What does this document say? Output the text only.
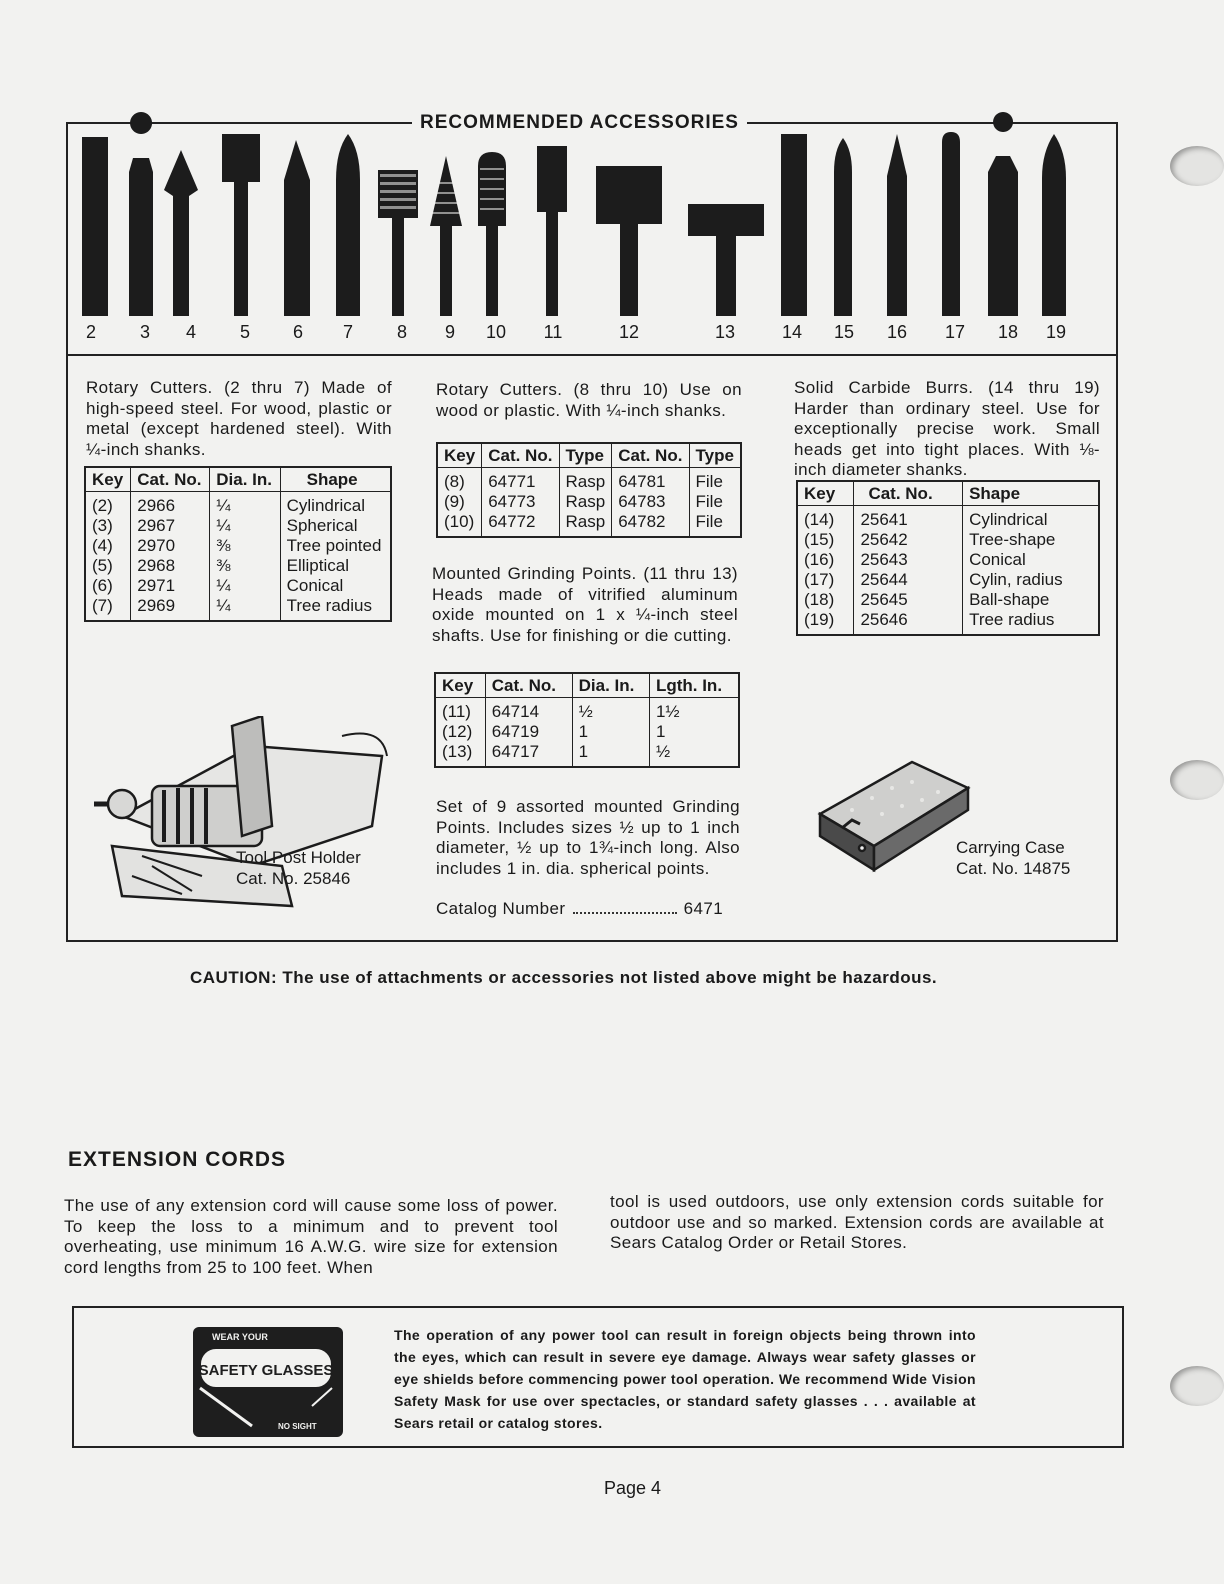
RECOMMENDED ACCESSORIES
2	3	4	5	6	7	8	9	10	11	12	13	14	15	16	17	18	19
Rotary Cutters. (2 thru 7) Made of high-speed steel. For wood, plastic or metal (except hardened steel). With ¼-inch shanks.
Key	Cat. No.	Dia. In.	Shape
(2)	2966	¼	Cylindrical
(3)	2967	¼	Spherical
(4)	2970	⅜	Tree pointed
(5)	2968	⅜	Elliptical
(6)	2971	¼	Conical
(7)	2969	¼	Tree radius
Tool Post Holder
Cat. No. 25846
Rotary Cutters. (8 thru 10) Use on wood or plastic. With ¼-inch shanks.
Key	Cat. No.	Type	Cat. No.	Type
(8)	64771	Rasp	64781	File
(9)	64773	Rasp	64783	File
(10)	64772	Rasp	64782	File
Mounted Grinding Points. (11 thru 13) Heads made of vitrified aluminum oxide mounted on 1 x ¼-inch steel shafts. Use for finishing or die cutting.
Key	Cat. No.	Dia. In.	Lgth. In.
(11)	64714	½	1½
(12)	64719	1	1
(13)	64717	1	½
Set of 9 assorted mounted Grinding Points. Includes sizes ½ up to 1 inch diameter, ½ up to 1¾-inch long. Also includes 1 in. dia. spherical points.
Catalog Number	6471
Solid Carbide Burrs. (14 thru 19) Harder than ordinary steel. Use for exceptionally precise work. Small heads get into tight places. With ⅛-inch diameter shanks.
Key	Cat. No.	Shape
(14)	25641	Cylindrical
(15)	25642	Tree-shape
(16)	25643	Conical
(17)	25644	Cylin, radius
(18)	25645	Ball-shape
(19)	25646	Tree radius
Carrying Case
Cat. No. 14875
CAUTION: The use of attachments or accessories not listed above might be hazardous.
EXTENSION CORDS
The use of any extension cord will cause some loss of power. To keep the loss to a minimum and to prevent tool overheating, use minimum 16 A.W.G. wire size for extension cord lengths from 25 to 100 feet. When
tool is used outdoors, use only extension cords suitable for outdoor use and so marked. Extension cords are available at Sears Catalog Order or Retail Stores.
WEAR YOUR
SAFETY GLASSES
NO SIGHT
The operation of any power tool can result in foreign objects being thrown into the eyes, which can result in severe eye damage. Always wear safety glasses or eye shields before commencing power tool operation. We recommend Wide Vision Safety Mask for use over spectacles, or standard safety glasses . . . available at Sears retail or catalog stores.
Page 4
